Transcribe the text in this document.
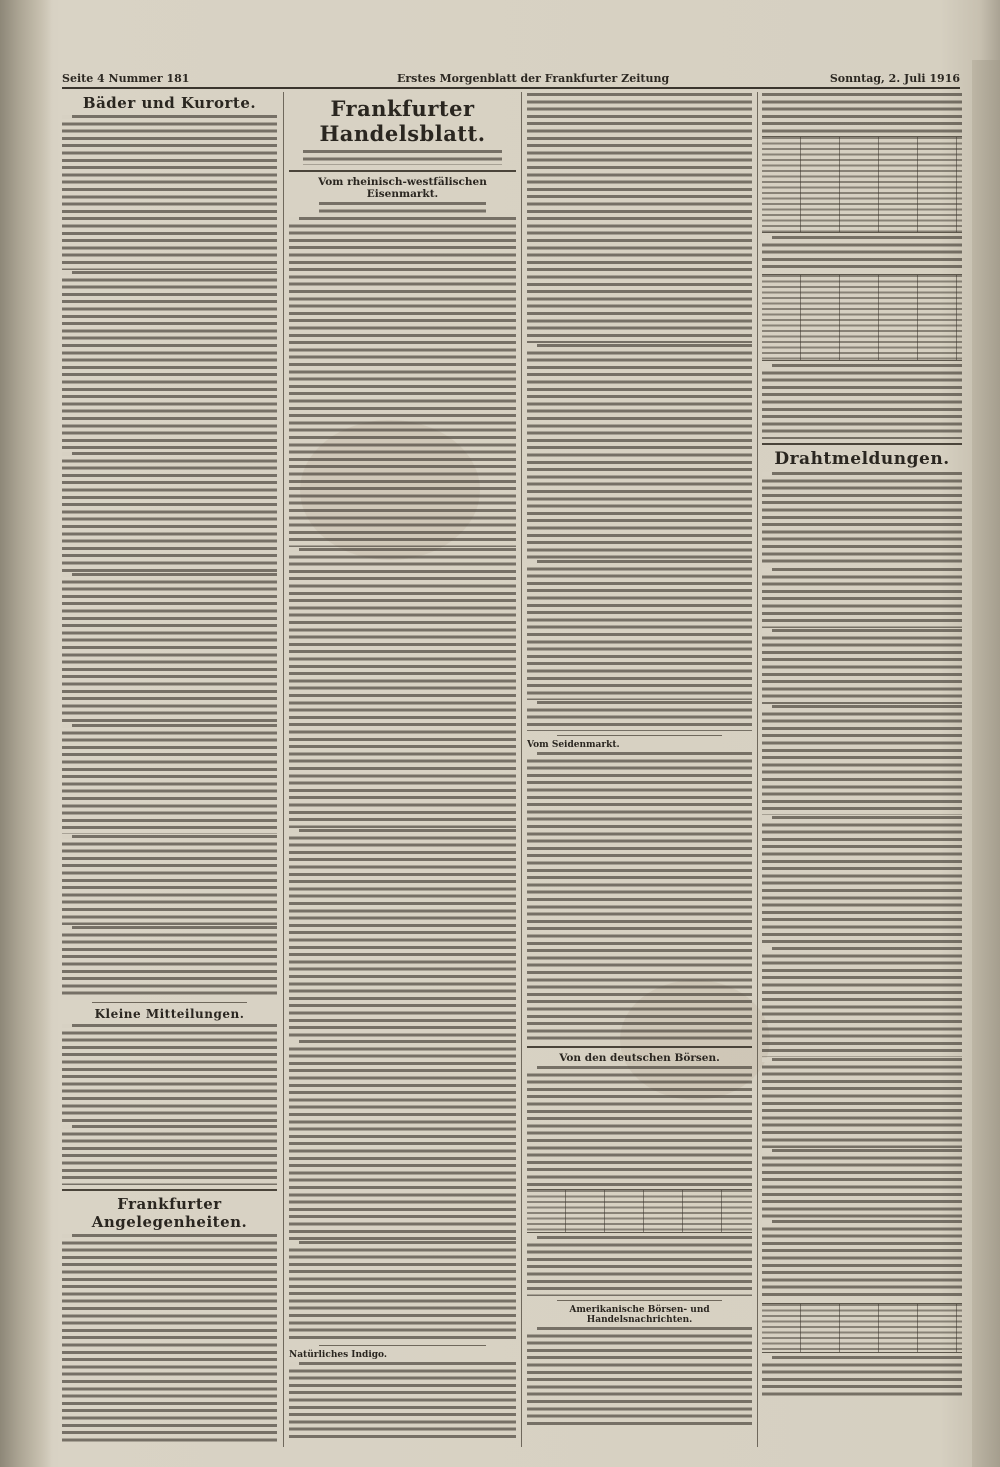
Seite 4 Nummer 181	Erstes Morgenblatt der Frankfurter Zeitung	Sonntag, 2. Juli 1916
Bäder und Kurorte.
Kleine Mitteilungen.
Frankfurter Angelegenheiten.
Frankfurter Handelsblatt.
Vom rheinisch-westfälischen Eisenmarkt.
Natürliches Indigo.
Vom Seidenmarkt.
Von den deutschen Börsen.
Amerikanische Börsen- und Handelsnachrichten.
Drahtmeldungen.
